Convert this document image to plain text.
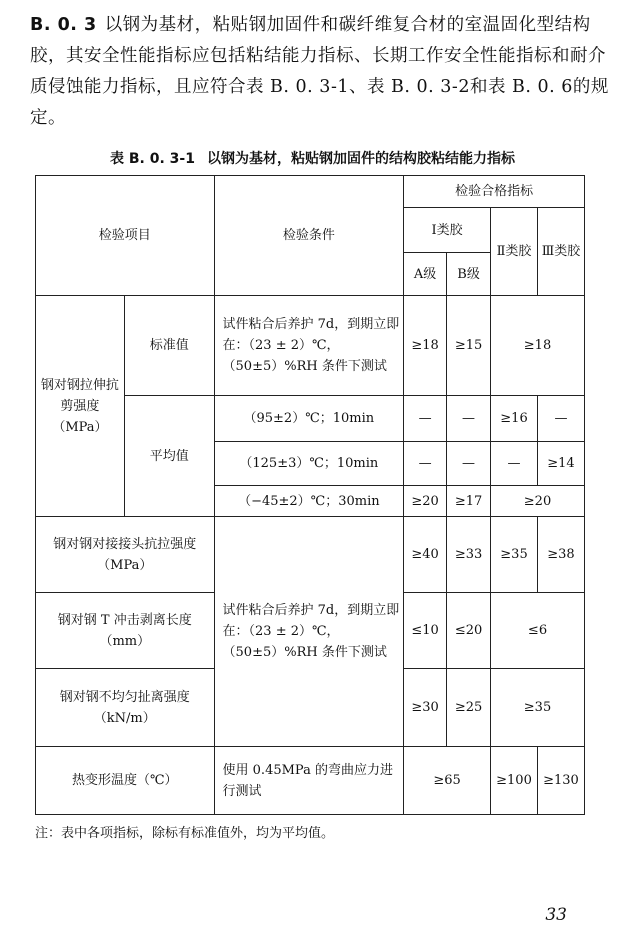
B. 0. 3 以钢为基材，粘贴钢加固件和碳纤维复合材的室温固化型结构胶，其安全性能指标应包括粘结能力指标、长期工作安全性能指标和耐介质侵蚀能力指标，且应符合表 B. 0. 3-1、表 B. 0. 3-2和表 B. 0. 6的规定。
表 B. 0. 3-1 以钢为基材，粘贴钢加固件的结构胶粘结能力指标
检验项目		检验条件	检验合格指标			
			Ⅰ类胶		Ⅱ类胶	Ⅲ类胶
			A级	B级		
钢对钢拉伸抗剪强度（MPa）	标准值	试件粘合后养护 7d，到期立即在：（23 ± 2）℃，（50±5）%RH 条件下测试	≥18	≥15	≥18	
	平均值	（95±2）℃；10min	—	—	≥16	—
		（125±3）℃；10min	—	—	—	≥14
		（−45±2）℃；30min	≥20	≥17	≥20	
钢对钢对接接头抗拉强度（MPa）		试件粘合后养护 7d，到期立即在：（23 ± 2）℃，（50±5）%RH 条件下测试	≥40	≥33	≥35	≥38
钢对钢 T 冲击剥离长度（mm）			≤10	≤20	≤6	
钢对钢不均匀扯离强度（kN/m）			≥30	≥25	≥35	
热变形温度（℃）		使用 0.45MPa 的弯曲应力进行测试	≥65		≥100	≥130
注：表中各项指标，除标有标准值外，均为平均值。
33
